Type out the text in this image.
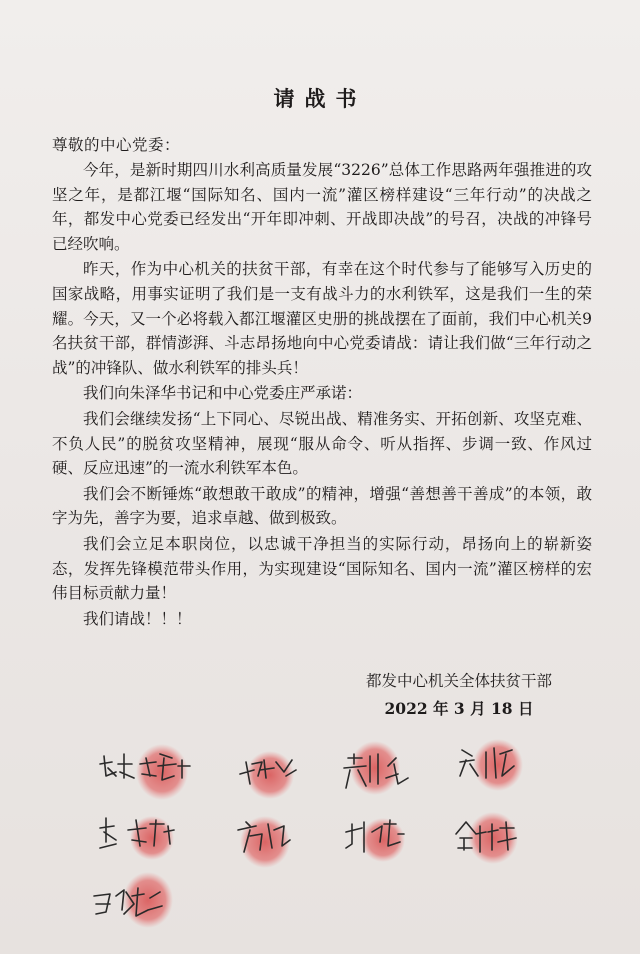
请战书
尊敬的中心党委：

今年，是新时期四川水利高质量发展“3226”总体工作思路两年强推进的攻坚之年，是都江堰“国际知名、国内一流”灌区榜样建设“三年行动”的决战之年，都发中心党委已经发出“开年即冲刺、开战即决战”的号召，决战的冲锋号已经吹响。

昨天，作为中心机关的扶贫干部，有幸在这个时代参与了能够写入历史的国家战略，用事实证明了我们是一支有战斗力的水利铁军，这是我们一生的荣耀。今天，又一个必将载入都江堰灌区史册的挑战摆在了面前，我们中心机关9名扶贫干部，群情澎湃、斗志昂扬地向中心党委请战：请让我们做“三年行动之战”的冲锋队、做水利铁军的排头兵！

我们向朱泽华书记和中心党委庄严承诺：

我们会继续发扬“上下同心、尽锐出战、精准务实、开拓创新、攻坚克难、不负人民”的脱贫攻坚精神，展现“服从命令、听从指挥、步调一致、作风过硬、反应迅速”的一流水利铁军本色。

我们会不断锤炼“敢想敢干敢成”的精神，增强“善想善干善成”的本领，敢字为先，善字为要，追求卓越、做到极致。

我们会立足本职岗位，以忠诚干净担当的实际行动，昂扬向上的崭新姿态，发挥先锋模范带头作用，为实现建设“国际知名、国内一流”灌区榜样的宏伟目标贡献力量！

我们请战！！！

都发中心机关全体扶贫干部
2022 年 3 月 18 日
